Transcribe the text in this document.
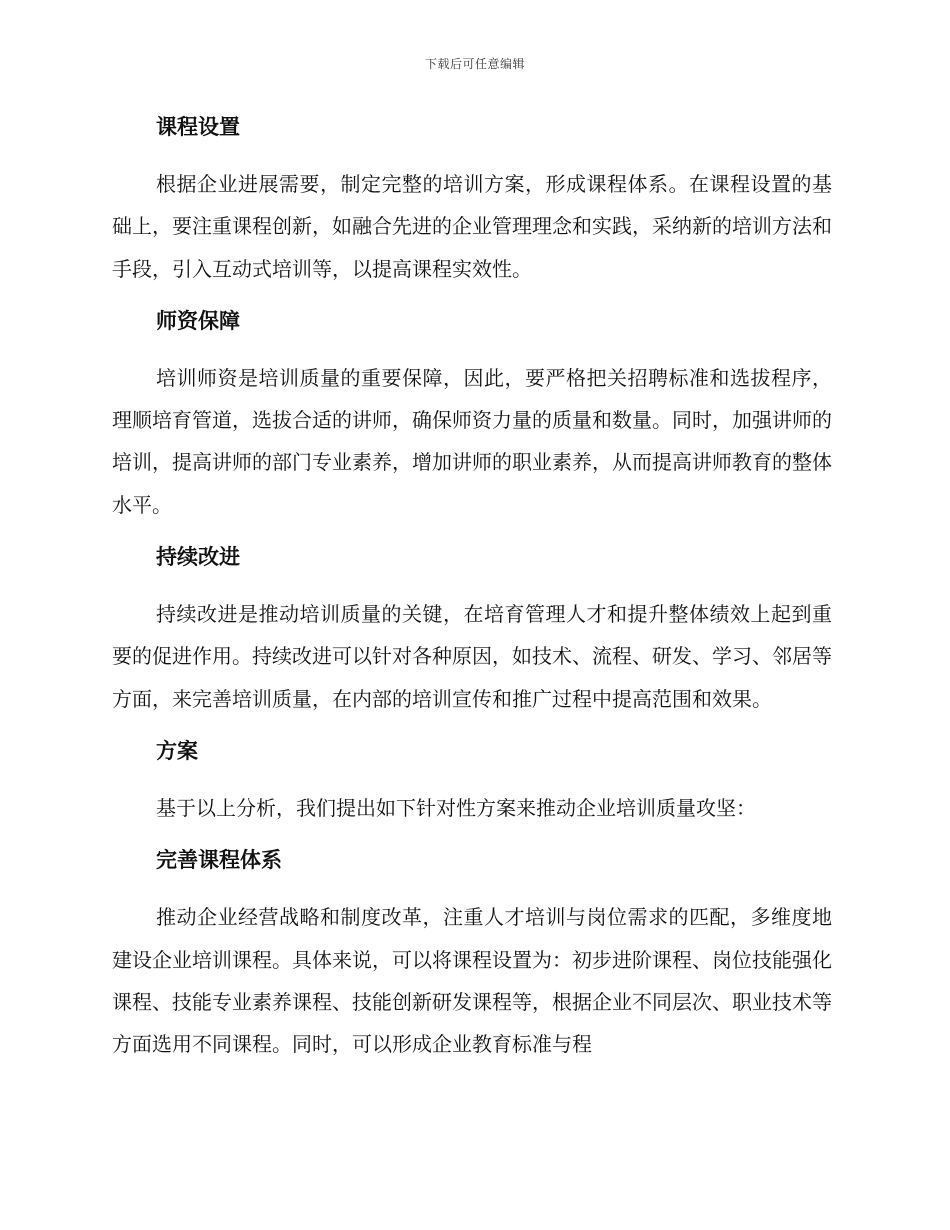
下载后可任意编辑
课程设置

根据企业进展需要，制定完整的培训方案，形成课程体系。在课程设置的基础上，要注重课程创新，如融合先进的企业管理理念和实践，采纳新的培训方法和手段，引入互动式培训等，以提高课程实效性。

师资保障

培训师资是培训质量的重要保障，因此，要严格把关招聘标准和选拔程序，理顺培育管道，选拔合适的讲师，确保师资力量的质量和数量。同时，加强讲师的培训，提高讲师的部门专业素养，增加讲师的职业素养，从而提高讲师教育的整体水平。

持续改进

持续改进是推动培训质量的关键，在培育管理人才和提升整体绩效上起到重要的促进作用。持续改进可以针对各种原因，如技术、流程、研发、学习、邻居等方面，来完善培训质量，在内部的培训宣传和推广过程中提高范围和效果。

方案

基于以上分析，我们提出如下针对性方案来推动企业培训质量攻坚：

完善课程体系

推动企业经营战略和制度改革，注重人才培训与岗位需求的匹配，多维度地建设企业培训课程。具体来说，可以将课程设置为：初步进阶课程、岗位技能强化课程、技能专业素养课程、技能创新研发课程等，根据企业不同层次、职业技术等方面选用不同课程。同时，可以形成企业教育标准与程
